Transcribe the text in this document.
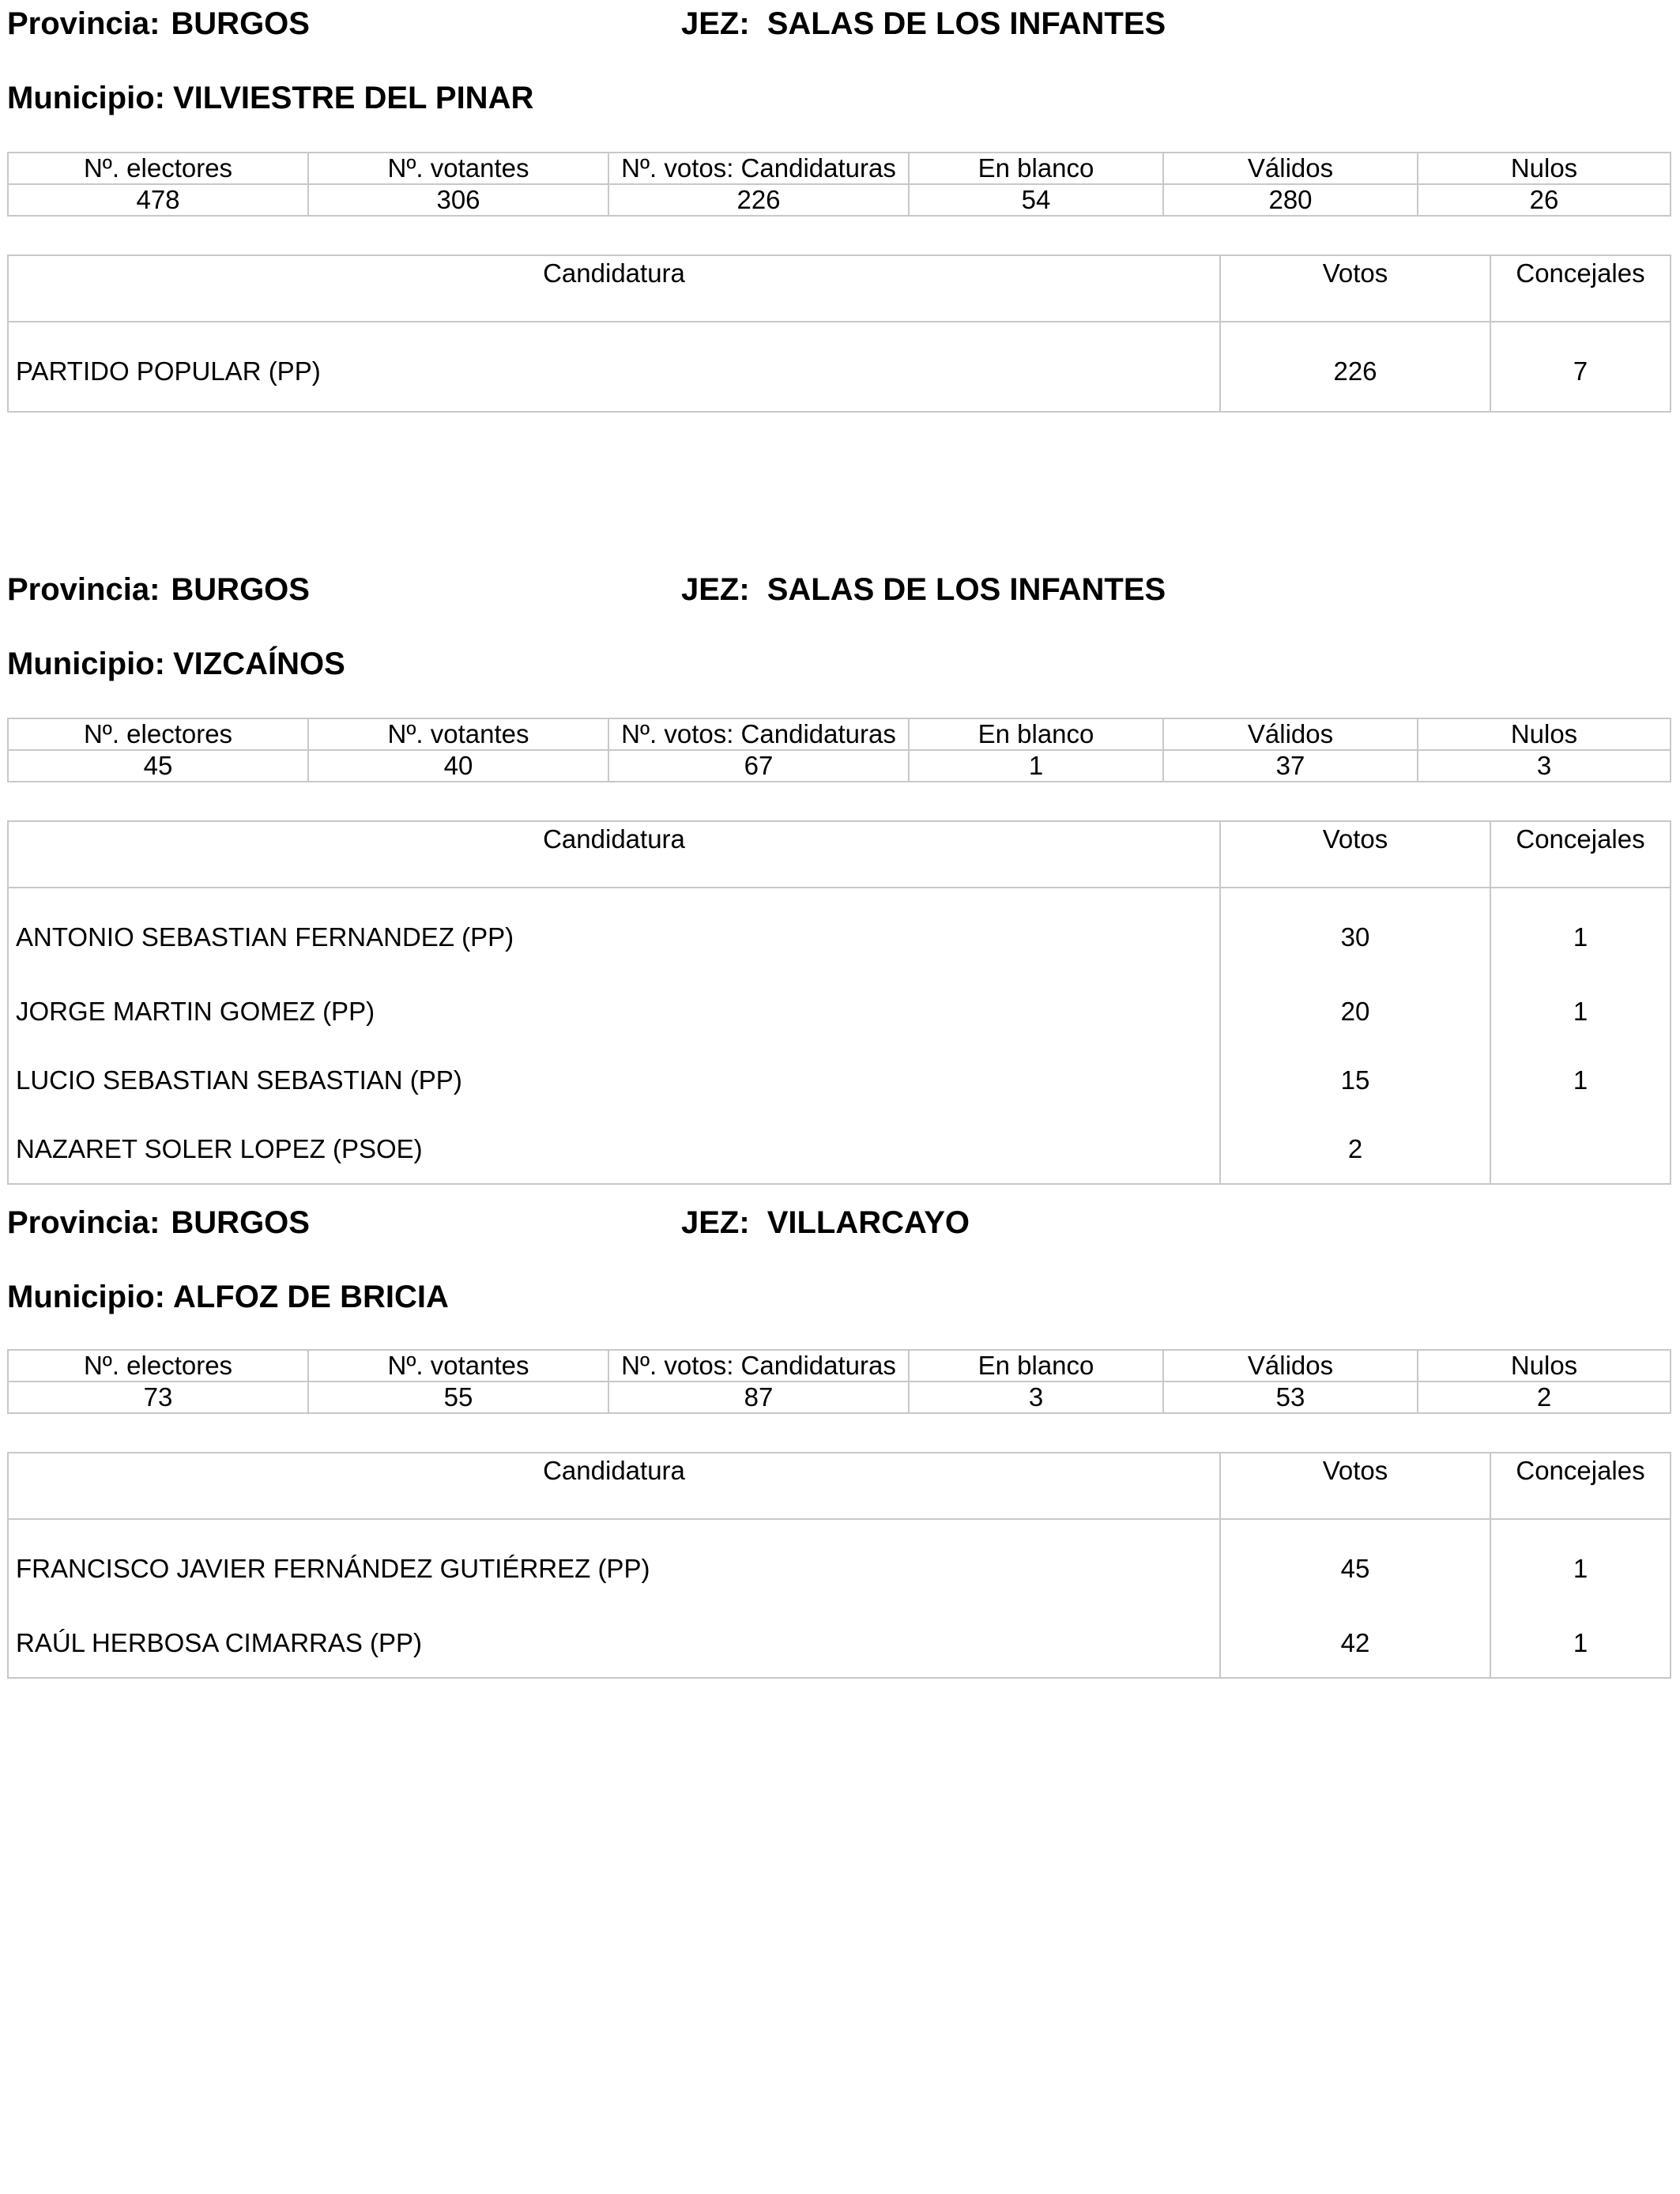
Provincia: BURGOS	JEZ: SALAS DE LOS INFANTES
Municipio: VILVIESTRE DEL PINAR
Nº. electores	Nº. votantes	Nº. votos: Candidaturas	En blanco	Válidos	Nulos
478	306	226	54	280	26
Candidatura	Votos	Concejales
PARTIDO POPULAR (PP)	226	7
Provincia: BURGOS	JEZ: SALAS DE LOS INFANTES
Municipio: VIZCAÍNOS
Nº. electores	Nº. votantes	Nº. votos: Candidaturas	En blanco	Válidos	Nulos
45	40	67	1	37	3
Candidatura	Votos	Concejales
ANTONIO SEBASTIAN FERNANDEZ (PP)	30	1
JORGE MARTIN GOMEZ (PP)	20	1
LUCIO SEBASTIAN SEBASTIAN (PP)	15	1
NAZARET SOLER LOPEZ (PSOE)	2	
Provincia: BURGOS	JEZ: VILLARCAYO
Municipio: ALFOZ DE BRICIA
Nº. electores	Nº. votantes	Nº. votos: Candidaturas	En blanco	Válidos	Nulos
73	55	87	3	53	2
Candidatura	Votos	Concejales
FRANCISCO JAVIER FERNÁNDEZ GUTIÉRREZ (PP)	45	1
RAÚL HERBOSA CIMARRAS (PP)	42	1
